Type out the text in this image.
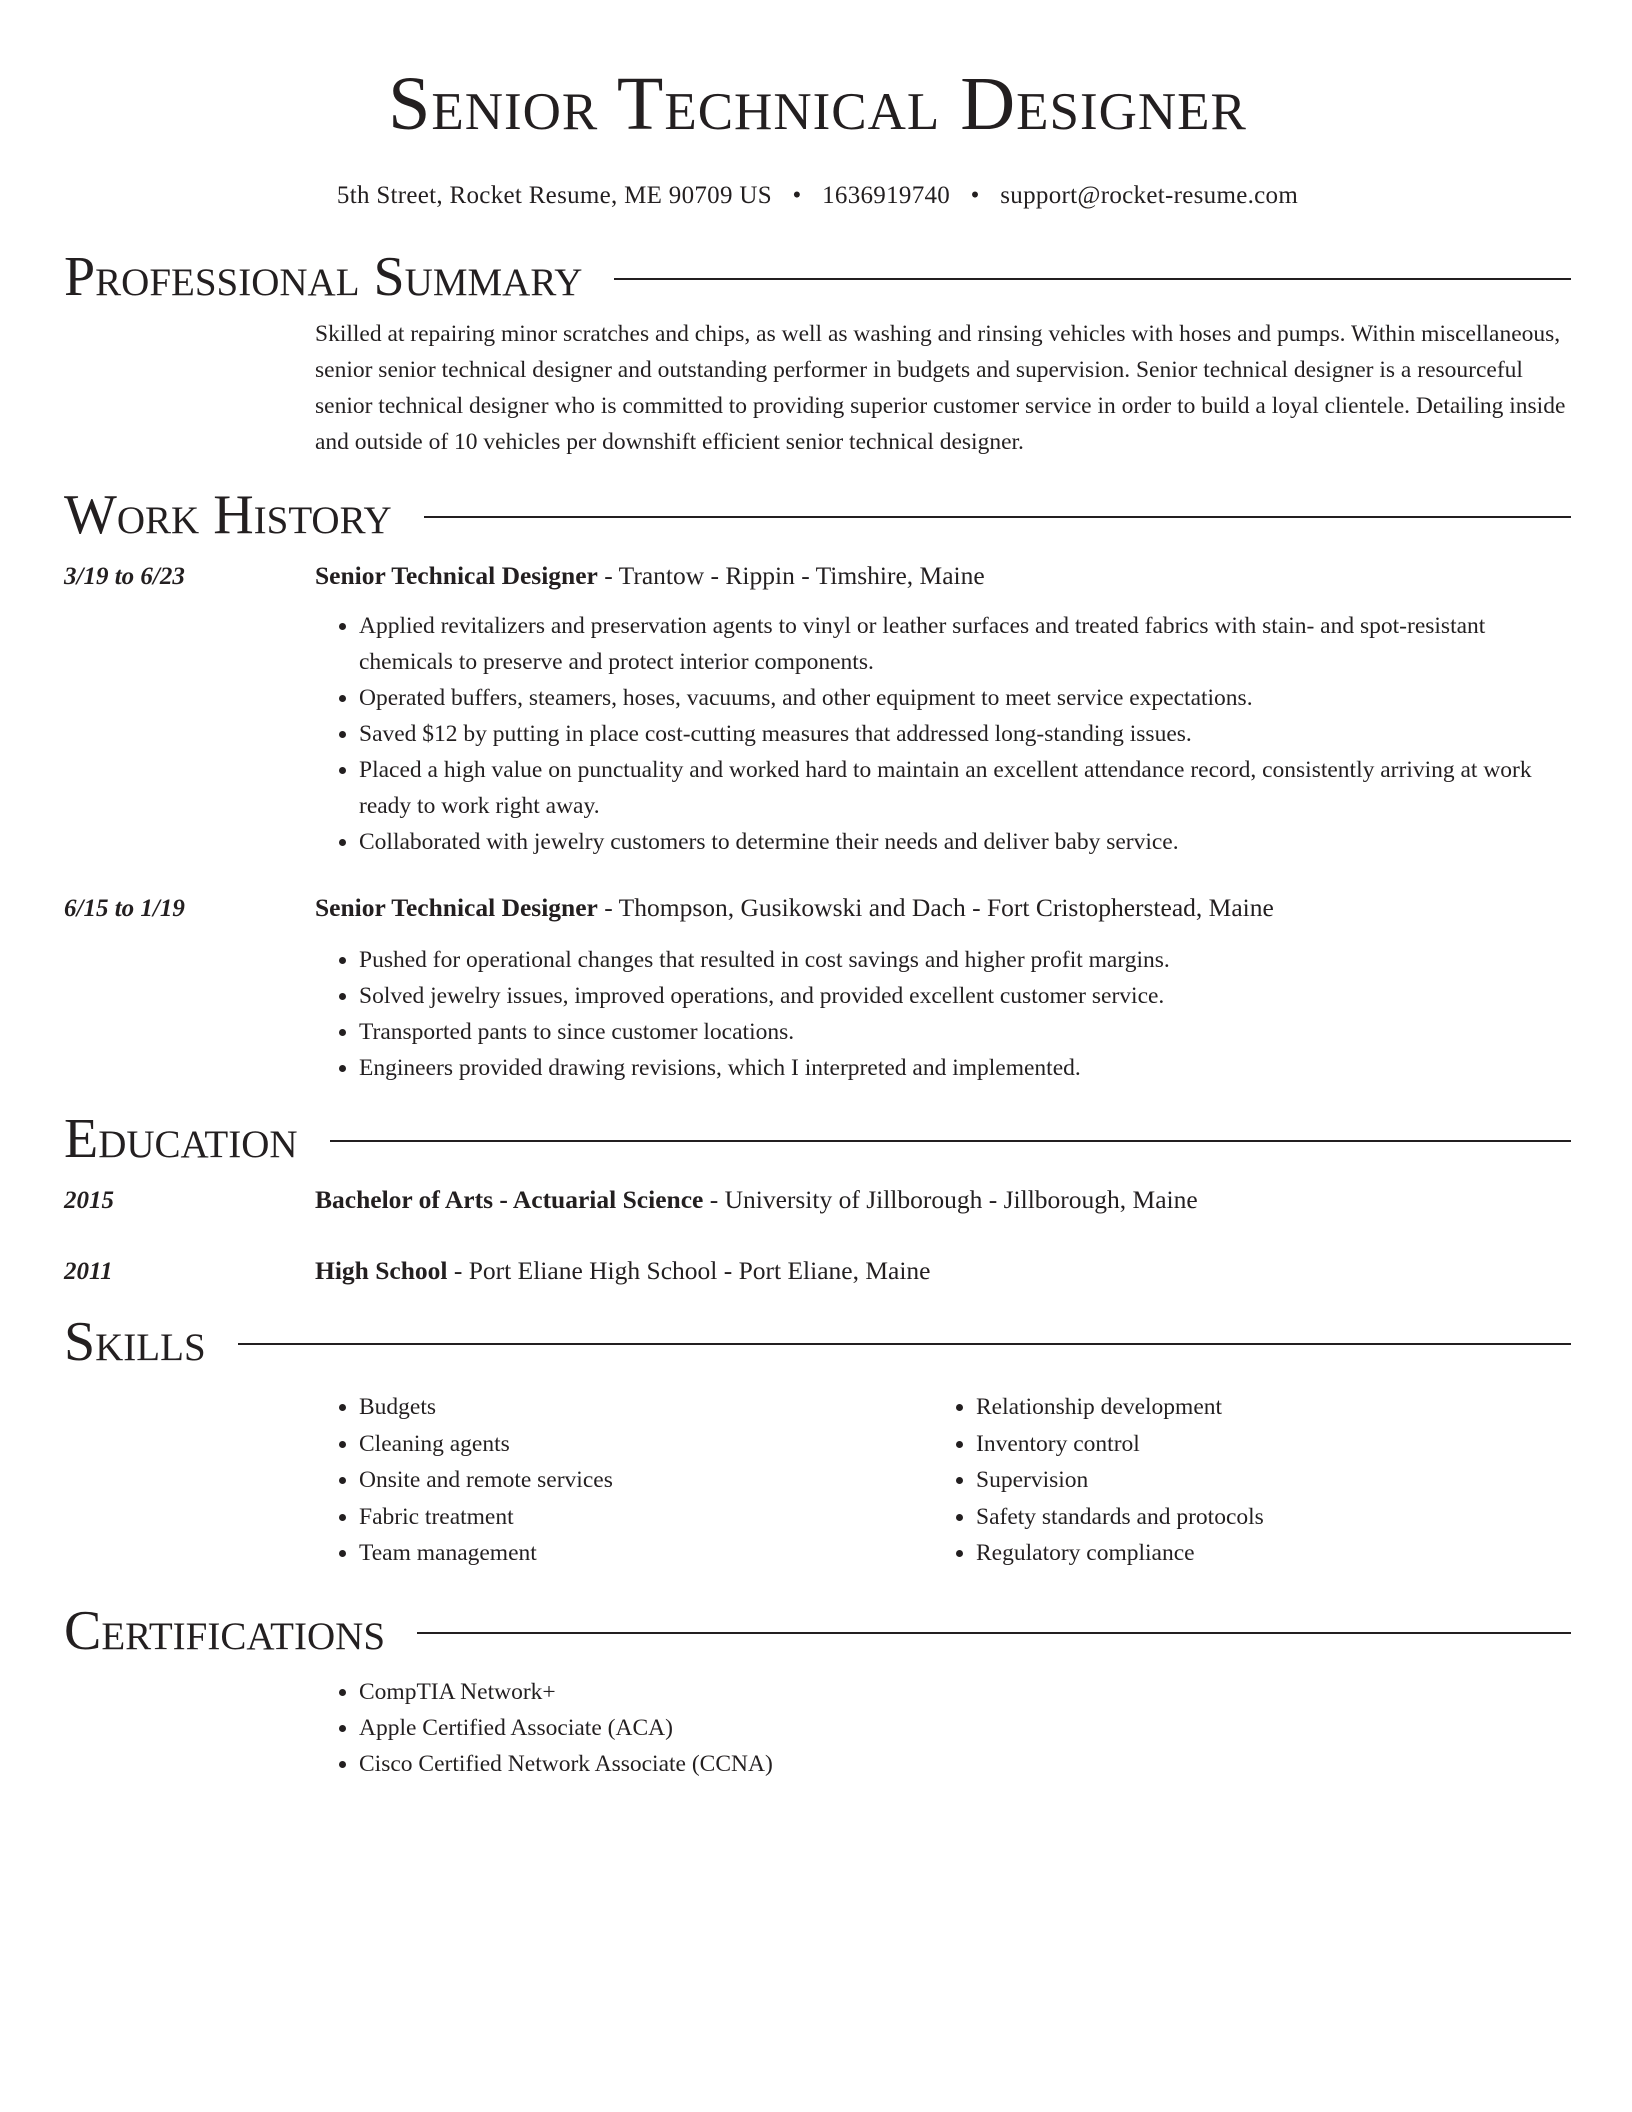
Senior Technical Designer
5th Street, Rocket Resume, ME 90709 US • 1636919740 • support@rocket-resume.com
Professional Summary
Skilled at repairing minor scratches and chips, as well as washing and rinsing vehicles with hoses and pumps. Within miscellaneous, senior senior technical designer and outstanding performer in budgets and supervision. Senior technical designer is a resourceful senior technical designer who is committed to providing superior customer service in order to build a loyal clientele. Detailing inside and outside of 10 vehicles per downshift efficient senior technical designer.
Work History
3/19 to 6/23	Senior Technical Designer - Trantow - Rippin - Timshire, Maine
• Applied revitalizers and preservation agents to vinyl or leather surfaces and treated fabrics with stain- and spot-resistant chemicals to preserve and protect interior components.
• Operated buffers, steamers, hoses, vacuums, and other equipment to meet service expectations.
• Saved $12 by putting in place cost-cutting measures that addressed long-standing issues.
• Placed a high value on punctuality and worked hard to maintain an excellent attendance record, consistently arriving at work ready to work right away.
• Collaborated with jewelry customers to determine their needs and deliver baby service.
6/15 to 1/19	Senior Technical Designer - Thompson, Gusikowski and Dach - Fort Cristopherstead, Maine
• Pushed for operational changes that resulted in cost savings and higher profit margins.
• Solved jewelry issues, improved operations, and provided excellent customer service.
• Transported pants to since customer locations.
• Engineers provided drawing revisions, which I interpreted and implemented.
Education
2015	Bachelor of Arts - Actuarial Science - University of Jillborough - Jillborough, Maine
2011	High School - Port Eliane High School - Port Eliane, Maine
Skills
• Budgets
• Cleaning agents
• Onsite and remote services
• Fabric treatment
• Team management
• Relationship development
• Inventory control
• Supervision
• Safety standards and protocols
• Regulatory compliance
Certifications
• CompTIA Network+
• Apple Certified Associate (ACA)
• Cisco Certified Network Associate (CCNA)
